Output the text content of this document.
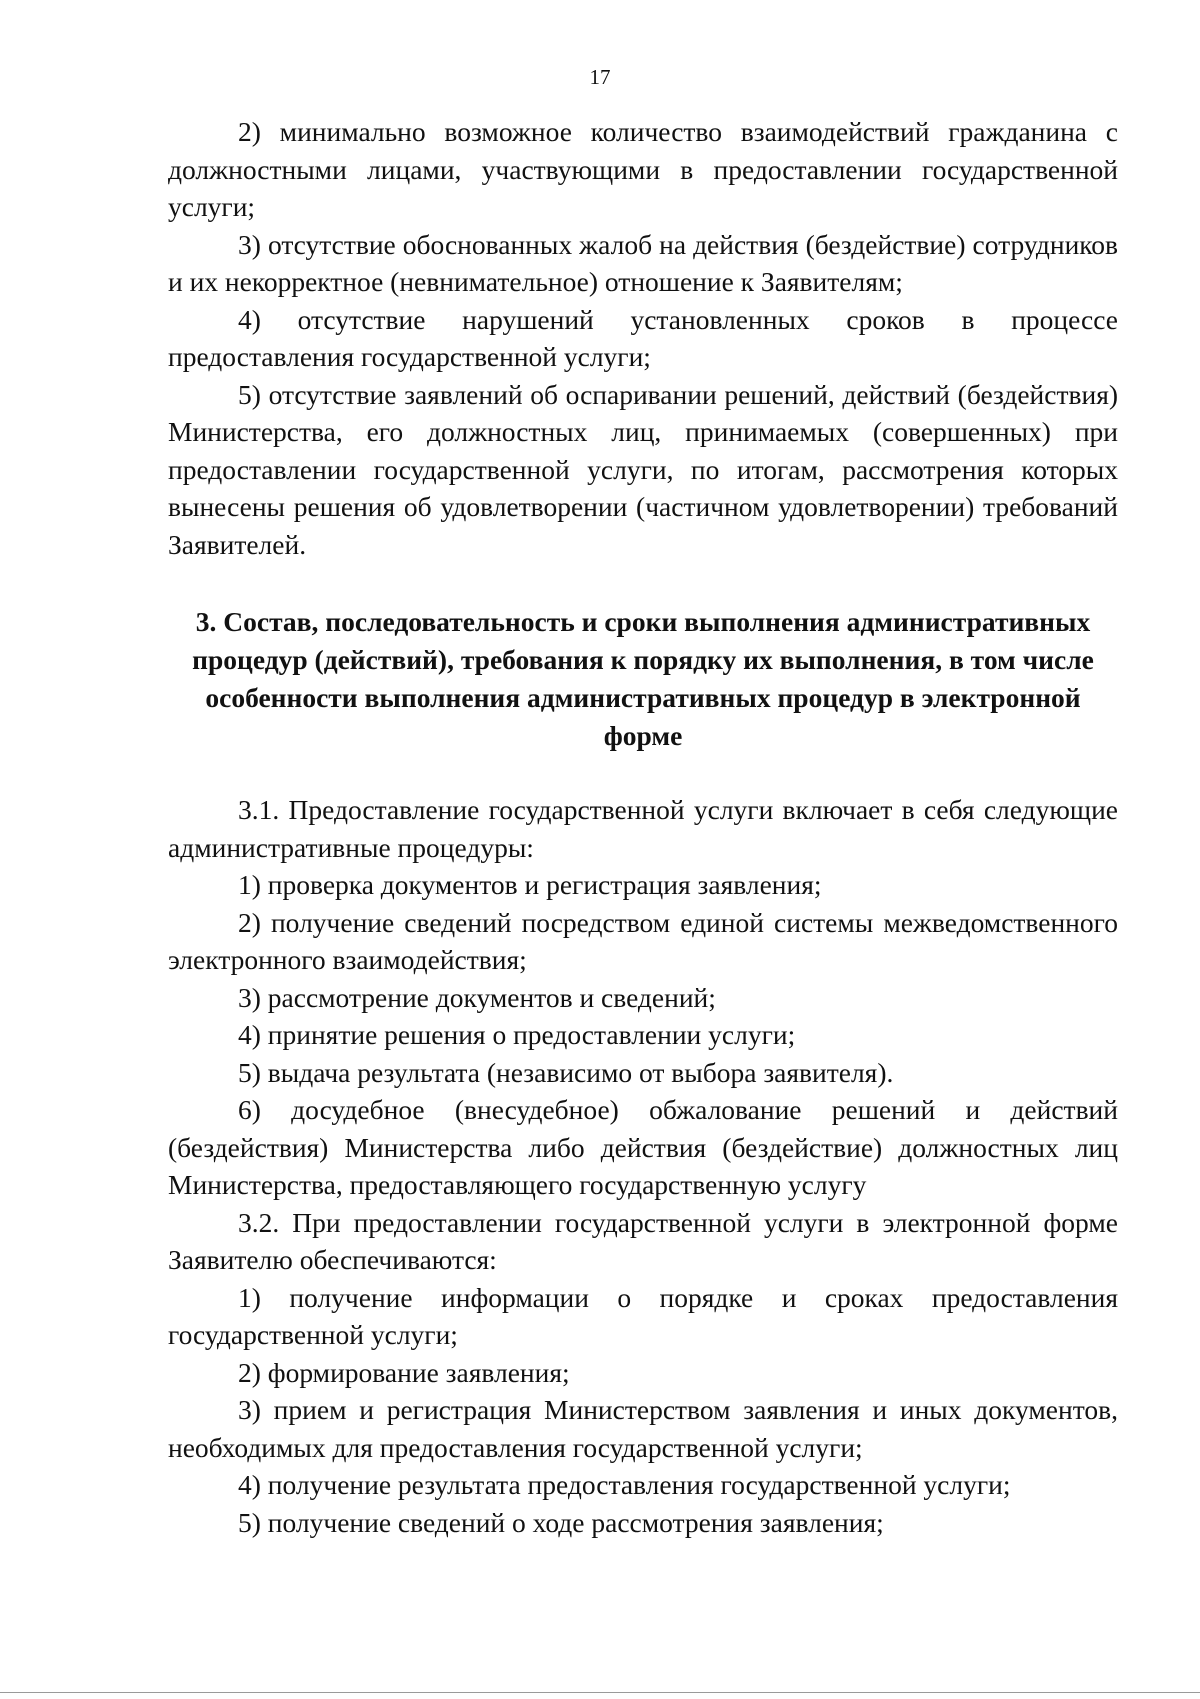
17

2) минимально возможное количество взаимодействий гражданина с должностными лицами, участвующими в предоставлении государственной услуги;

3) отсутствие обоснованных жалоб на действия (бездействие) сотрудников и их некорректное (невнимательное) отношение к Заявителям;

4) отсутствие нарушений установленных сроков в процессе предоставления государственной услуги;

5) отсутствие заявлений об оспаривании решений, действий (бездействия) Министерства, его должностных лиц, принимаемых (совершенных) при предоставлении государственной услуги, по итогам, рассмотрения которых вынесены решения об удовлетворении (частичном удовлетворении) требований Заявителей.

3. Состав, последовательность и сроки выполнения административных процедур (действий), требования к порядку их выполнения, в том числе особенности выполнения административных процедур в электронной форме

3.1. Предоставление государственной услуги включает в себя следующие административные процедуры:

1) проверка документов и регистрация заявления;

2) получение сведений посредством единой системы межведомственного электронного взаимодействия;

3) рассмотрение документов и сведений;

4) принятие решения о предоставлении услуги;

5) выдача результата (независимо от выбора заявителя).

6) досудебное (внесудебное) обжалование решений и действий (бездействия) Министерства либо действия (бездействие) должностных лиц Министерства, предоставляющего государственную услугу

3.2. При предоставлении государственной услуги в электронной форме Заявителю обеспечиваются:

1) получение информации о порядке и сроках предоставления государственной услуги;

2) формирование заявления;

3) прием и регистрация Министерством заявления и иных документов, необходимых для предоставления государственной услуги;

4) получение результата предоставления государственной услуги;

5) получение сведений о ходе рассмотрения заявления;
